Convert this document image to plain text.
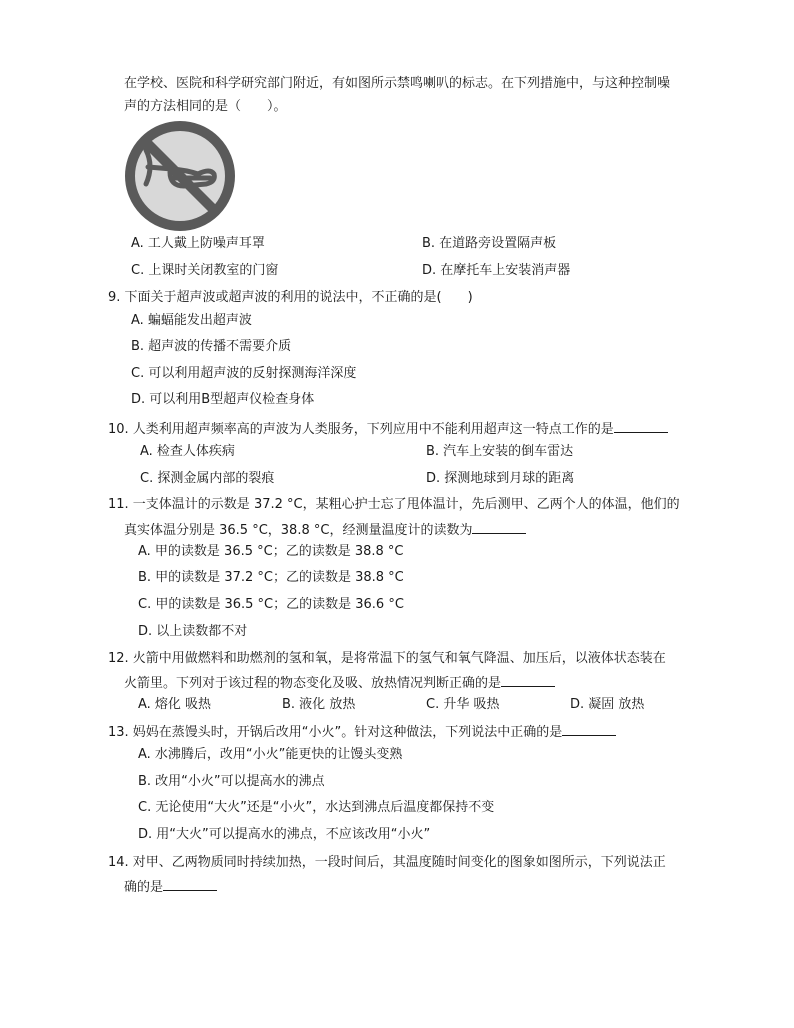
在学校、医院和科学研究部门附近，有如图所示禁鸣喇叭的标志。在下列措施中，与这种控制噪
声的方法相同的是（　　）。
A. 工人戴上防噪声耳罩	B. 在道路旁设置隔声板
C. 上课时关闭教室的门窗	D. 在摩托车上安装消声器
9. 下面关于超声波或超声波的利用的说法中，不正确的是(　　)
A. 蝙蝠能发出超声波
B. 超声波的传播不需要介质
C. 可以利用超声波的反射探测海洋深度
D. 可以利用B型超声仪检查身体
10. 人类利用超声频率高的声波为人类服务，下列应用中不能利用超声这一特点工作的是
A. 检查人体疾病	B. 汽车上安装的倒车雷达
C. 探测金属内部的裂痕	D. 探测地球到月球的距离
11. 一支体温计的示数是 37.2 °C，某粗心护士忘了甩体温计，先后测甲、乙两个人的体温，他们的
真实体温分别是 36.5 °C，38.8 °C，经测量温度计的读数为
A. 甲的读数是 36.5 °C；乙的读数是 38.8 °C
B. 甲的读数是 37.2 °C；乙的读数是 38.8 °C
C. 甲的读数是 36.5 °C；乙的读数是 36.6 °C
D. 以上读数都不对
12. 火箭中用做燃料和助燃剂的氢和氧，是将常温下的氢气和氧气降温、加压后，以液体状态装在
火箭里。下列对于该过程的物态变化及吸、放热情况判断正确的是
A. 熔化 吸热	B. 液化 放热	C. 升华 吸热	D. 凝固 放热
13. 妈妈在蒸馒头时，开锅后改用“小火”。针对这种做法，下列说法中正确的是
A. 水沸腾后，改用“小火”能更快的让馒头变熟
B. 改用“小火”可以提高水的沸点
C. 无论使用“大火”还是“小火”，水达到沸点后温度都保持不变
D. 用“大火”可以提高水的沸点，不应该改用“小火”
14. 对甲、乙两物质同时持续加热，一段时间后，其温度随时间变化的图象如图所示，下列说法正
确的是
